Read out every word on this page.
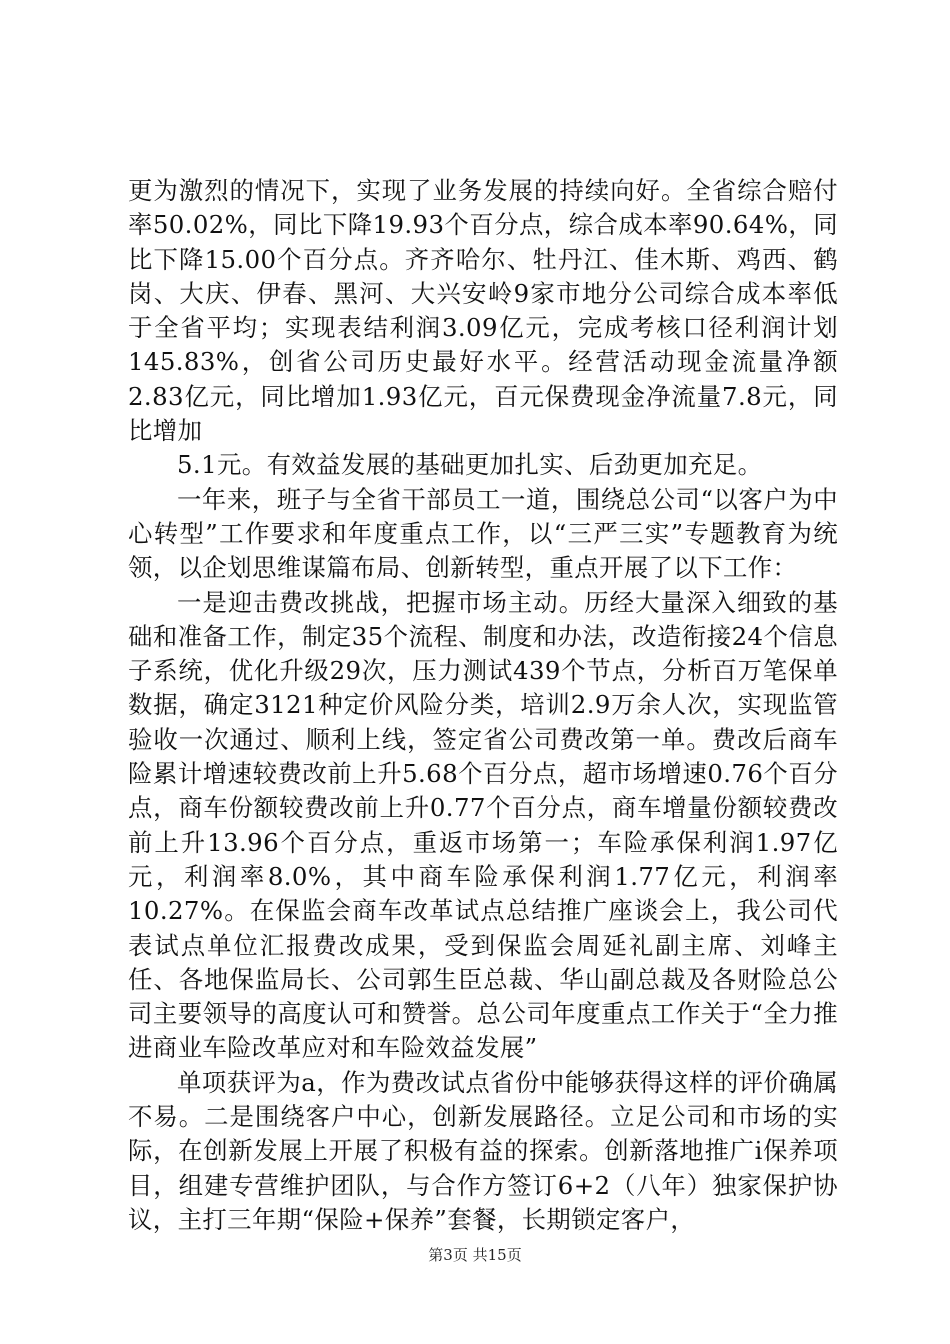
更为激烈的情况下，实现了业务发展的持续向好。全省综合赔付率50.02%，同比下降19.93个百分点，综合成本率90.64%，同比下降15.00个百分点。齐齐哈尔、牡丹江、佳木斯、鸡西、鹤岗、大庆、伊春、黑河、大兴安岭9家市地分公司综合成本率低于全省平均；实现表结利润3.09亿元，完成考核口径利润计划145.83%，创省公司历史最好水平。经营活动现金流量净额2.83亿元，同比增加1.93亿元，百元保费现金净流量7.8元，同比增加

5.1元。有效益发展的基础更加扎实、后劲更加充足。

一年来，班子与全省干部员工一道，围绕总公司“以客户为中心转型”工作要求和年度重点工作，以“三严三实”专题教育为统领，以企划思维谋篇布局、创新转型，重点开展了以下工作：

一是迎击费改挑战，把握市场主动。历经大量深入细致的基础和准备工作，制定35个流程、制度和办法，改造衔接24个信息子系统，优化升级29次，压力测试439个节点，分析百万笔保单数据，确定3121种定价风险分类，培训2.9万余人次，实现监管验收一次通过、顺利上线，签定省公司费改第一单。费改后商车险累计增速较费改前上升5.68个百分点，超市场增速0.76个百分点，商车份额较费改前上升0.77个百分点，商车增量份额较费改前上升13.96个百分点，重返市场第一；车险承保利润1.97亿元，利润率8.0%，其中商车险承保利润1.77亿元，利润率10.27%。在保监会商车改革试点总结推广座谈会上，我公司代表试点单位汇报费改成果，受到保监会周延礼副主席、刘峰主任、各地保监局长、公司郭生臣总裁、华山副总裁及各财险总公司主要领导的高度认可和赞誉。总公司年度重点工作关于“全力推进商业车险改革应对和车险效益发展”

单项获评为a，作为费改试点省份中能够获得这样的评价确属不易。二是围绕客户中心，创新发展路径。立足公司和市场的实际，在创新发展上开展了积极有益的探索。创新落地推广i保养项目，组建专营维护团队，与合作方签订6+2（八年）独家保护协议，主打三年期“保险+保养”套餐，长期锁定客户，

第3页 共15页
